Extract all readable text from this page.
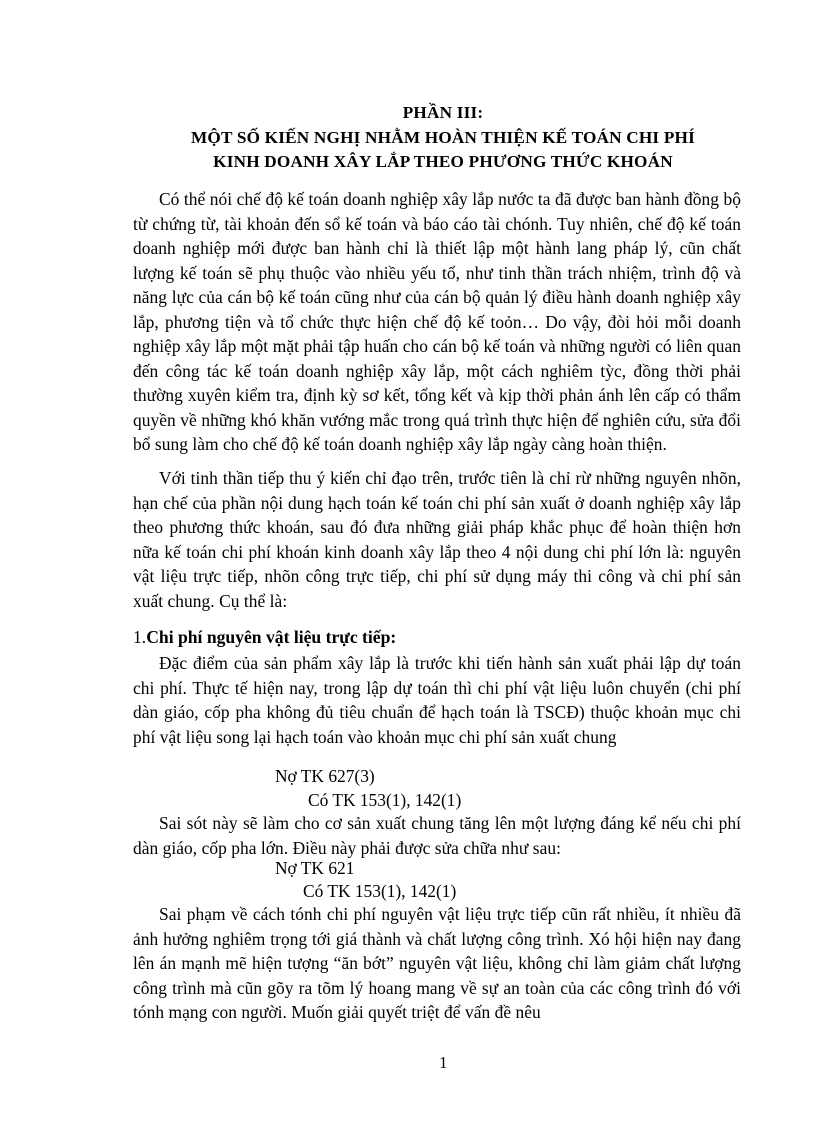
PHẦN III:

MỘT SỐ KIẾN NGHỊ NHẰM HOÀN THIỆN KẾ TOÁN CHI PHÍ

KINH DOANH XÂY LẮP THEO PHƯƠNG THỨC KHOÁN

Có thể nói chế độ kế toán doanh nghiệp xây lắp nước ta đã được ban hành đồng bộ từ chứng từ, tài khoản đến sổ kế toán và báo cáo tài chónh. Tuy nhiên, chế độ kế toán doanh nghiệp mới được ban hành chỉ là thiết lập một hành lang pháp lý, cũn chất lượng kế toán sẽ phụ thuộc vào nhiều yếu tố, như tinh thần trách nhiệm, trình độ và năng lực của cán bộ kế toán cũng như của cán bộ quản lý điều hành doanh nghiệp xây lắp, phương tiện và tổ chức thực hiện chế độ kế toỏn… Do vậy, đòi hỏi mỗi doanh nghiệp xây lắp một mặt phải tập huấn cho cán bộ kế toán và những người có liên quan đến công tác kế toán doanh nghiệp xây lắp, một cách nghiêm tỳc, đồng thời phải thường xuyên kiểm tra, định kỳ sơ kết, tổng kết và kịp thời phản ánh lên cấp có thẩm quyền về những khó khăn vướng mắc trong quá trình thực hiện để nghiên cứu, sửa đổi bổ sung làm cho chế độ kế toán doanh nghiệp xây lắp ngày càng hoàn thiện.

Với tinh thần tiếp thu ý kiến chỉ đạo trên, trước tiên là chỉ rừ những nguyên nhõn, hạn chế của phần nội dung hạch toán kế toán chi phí sản xuất ở doanh nghiệp xây lắp theo phương thức khoán, sau đó đưa những giải pháp khắc phục để hoàn thiện hơn nữa kế toán chi phí khoán kinh doanh xây lắp theo 4 nội dung chi phí lớn là: nguyên vật liệu trực tiếp, nhõn công trực tiếp, chi phí sử dụng máy thi công và chi phí sản xuất chung. Cụ thể là:

1.Chi phí nguyên vật liệu trực tiếp:

Đặc điểm của sản phẩm xây lắp là trước khi tiến hành sản xuất phải lập dự toán chi phí. Thực tế hiện nay, trong lập dự toán thì chi phí vật liệu luôn chuyển (chi phí dàn giáo, cốp pha không đủ tiêu chuẩn để hạch toán là TSCĐ) thuộc khoản mục chi phí vật liệu song lại hạch toán vào khoản mục chi phí sản xuất chung

Nợ TK 627(3)

Có TK 153(1), 142(1)

Sai sót này sẽ làm cho cơ sản xuất chung tăng lên một lượng đáng kể nếu chi phí dàn giáo, cốp pha lớn. Điều này phải được sửa chữa như sau:

Nợ TK 621

Có TK 153(1), 142(1)

Sai phạm về cách tónh chi phí nguyên vật liệu trực tiếp cũn rất nhiều, ít nhiều đã ảnh hưởng nghiêm trọng tới giá thành và chất lượng công trình. Xó hội hiện nay đang lên án mạnh mẽ hiện tượng “ăn bớt” nguyên vật liệu, không chỉ làm giảm chất lượng công trình mà cũn gõy ra tõm lý hoang mang về sự an toàn của các công trình đó với tónh mạng con người. Muốn giải quyết triệt để vấn đề nêu

1
